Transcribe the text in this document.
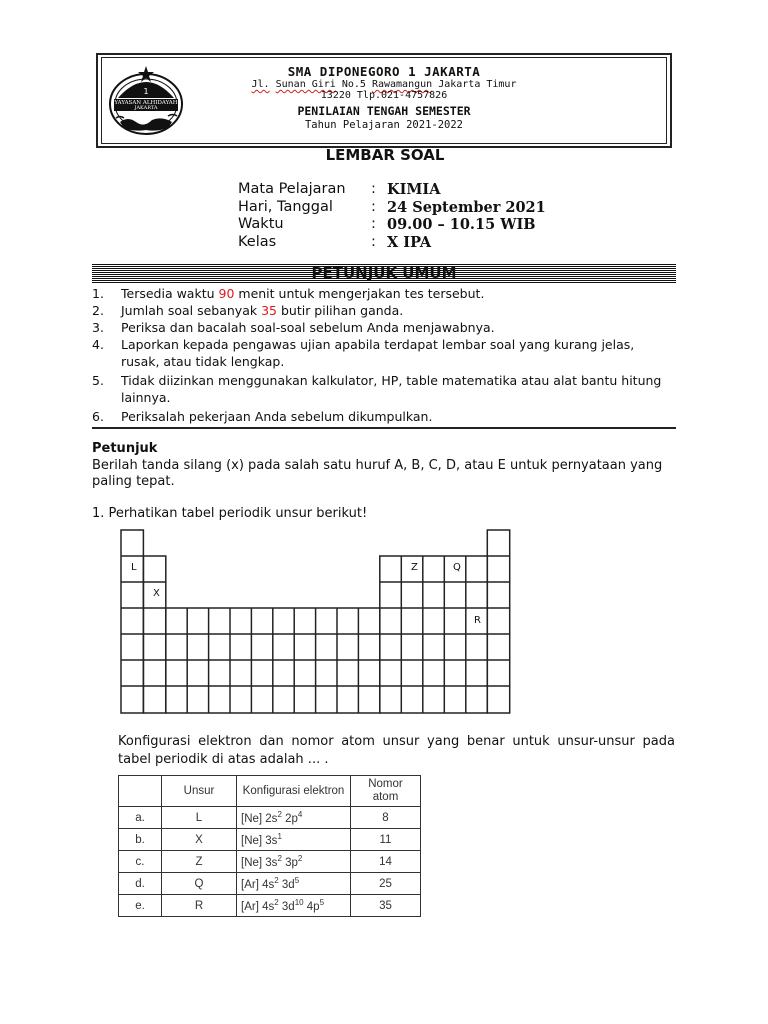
1
YAYASAN ALHIDAYAH
JAKARTA
SMA DIPONEGORO 1 JAKARTA
Jl. Sunan Giri No.5 Rawamangun Jakarta Timur
13220 Tlp.021-4757826
PENILAIAN TENGAH SEMESTER
Tahun Pelajaran 2021-2022
LEMBAR SOAL
Mata Pelajaran : KIMIA
Hari, Tanggal	: 24 September 2021
Waktu	: 09.00 – 10.15 WIB
Kelas	: X IPA
PETUNJUK UMUM
1.	Tersedia waktu 90 menit untuk mengerjakan tes tersebut.
2.	Jumlah soal sebanyak 35 butir pilihan ganda.
3.	Periksa dan bacalah soal-soal sebelum Anda menjawabnya.
4.	Laporkan kepada pengawas ujian apabila terdapat lembar soal yang kurang jelas, rusak, atau tidak lengkap.
5.	Tidak diizinkan menggunakan kalkulator, HP, table matematika atau alat bantu hitung lainnya.
6.	Periksalah pekerjaan Anda sebelum dikumpulkan.
Petunjuk
Berilah tanda silang (x) pada salah satu huruf A, B, C, D, atau E untuk pernyataan yang paling tepat.
1. Perhatikan tabel periodik unsur berikut!
L
X
Z	Q
R
Konfigurasi elektron dan nomor atom unsur yang benar untuk unsur-unsur pada tabel periodik di atas adalah ... .
	Unsur	Konfigurasi elektron	Nomor
atom
a.	L	[Ne] $2s^2$ $2p^4$	8
b.	X	[Ne] $3s^1$	11
c.	Z	[Ne] $3s^2$ $3p^2$	14
d.	Q	[Ar] $4s^2$ $3d^5$	25
e.	R	[Ar] $4s^2$ $3d^{10}$ $4p^5$	35
